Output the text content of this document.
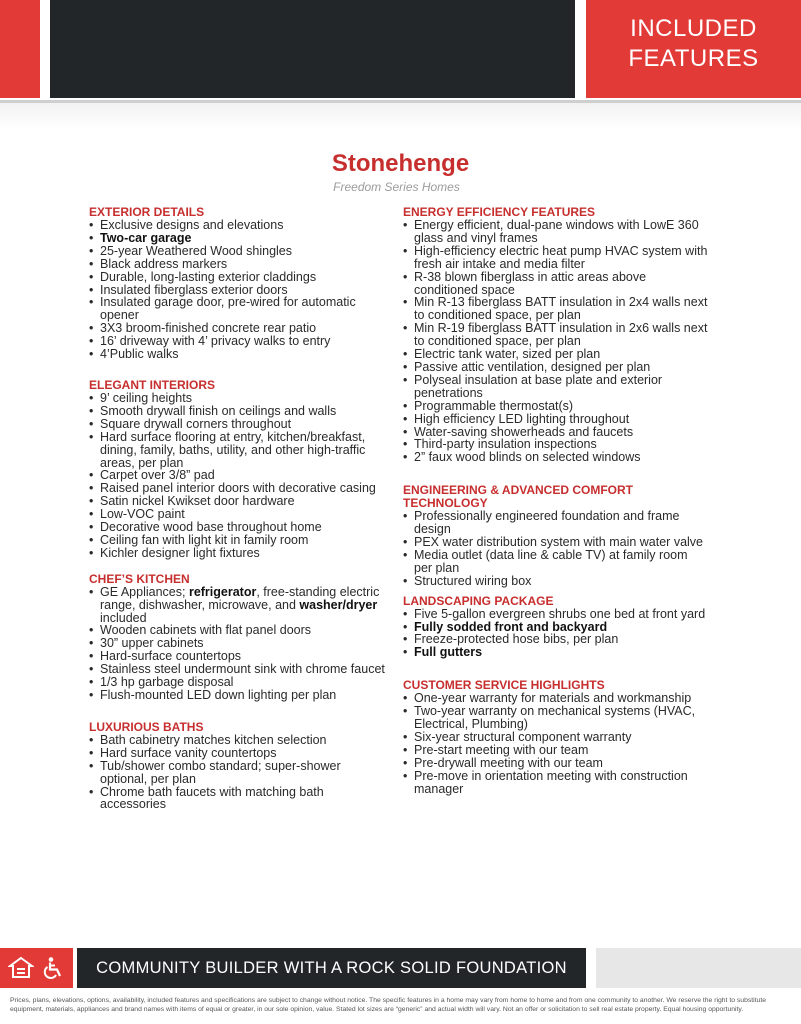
INCLUDED
FEATURES
Stonehenge
Freedom Series Homes
EXTERIOR DETAILS
• Exclusive designs and elevations
• Two-car garage
• 25-year Weathered Wood shingles
• Black address markers
• Durable, long-lasting exterior claddings
• Insulated fiberglass exterior doors
• Insulated garage door, pre-wired for automatic opener
• 3X3 broom-finished concrete rear patio
• 16’ driveway with 4’ privacy walks to entry
• 4’Public walks
ELEGANT INTERIORS
• 9’ ceiling heights
• Smooth drywall finish on ceilings and walls
• Square drywall corners throughout
• Hard surface flooring at entry, kitchen/breakfast, dining, family, baths, utility, and other high-traffic areas, per plan
• Carpet over 3/8” pad
• Raised panel interior doors with decorative casing
• Satin nickel Kwikset door hardware
• Low-VOC paint
• Decorative wood base throughout home
• Ceiling fan with light kit in family room
• Kichler designer light fixtures
CHEF’S KITCHEN
• GE Appliances; refrigerator, free-standing electric range, dishwasher, microwave, and washer/dryer included
• Wooden cabinets with flat panel doors
• 30” upper cabinets
• Hard-surface countertops
• Stainless steel undermount sink with chrome faucet
• 1/3 hp garbage disposal
• Flush-mounted LED down lighting per plan
LUXURIOUS BATHS
• Bath cabinetry matches kitchen selection
• Hard surface vanity countertops
• Tub/shower combo standard; super-shower optional, per plan
• Chrome bath faucets with matching bath accessories
ENERGY EFFICIENCY FEATURES
• Energy efficient, dual-pane windows with LowE 360 glass and vinyl frames
• High-efficiency electric heat pump HVAC system with fresh air intake and media filter
• R-38 blown fiberglass in attic areas above conditioned space
• Min R-13 fiberglass BATT insulation in 2x4 walls next to conditioned space, per plan
• Min R-19 fiberglass BATT insulation in 2x6 walls next to conditioned space, per plan
• Electric tank water, sized per plan
• Passive attic ventilation, designed per plan
• Polyseal insulation at base plate and exterior penetrations
• Programmable thermostat(s)
• High efficiency LED lighting throughout
• Water-saving showerheads and faucets
• Third-party insulation inspections
• 2” faux wood blinds on selected windows
ENGINEERING & ADVANCED COMFORT TECHNOLOGY
• Professionally engineered foundation and frame design
• PEX water distribution system with main water valve
• Media outlet (data line & cable TV) at family room per plan
• Structured wiring box
LANDSCAPING PACKAGE
• Five 5-gallon evergreen shrubs one bed at front yard
• Fully sodded front and backyard
• Freeze-protected hose bibs, per plan
• Full gutters
CUSTOMER SERVICE HIGHLIGHTS
• One-year warranty for materials and workmanship
• Two-year warranty on mechanical systems (HVAC, Electrical, Plumbing)
• Six-year structural component warranty
• Pre-start meeting with our team
• Pre-drywall meeting with our team
• Pre-move in orientation meeting with construction manager
COMMUNITY BUILDER WITH A ROCK SOLID FOUNDATION
Prices, plans, elevations, options, availability, included features and specifications are subject to change without notice. The specific features in a home may vary from home to home and from one community to another. We reserve the right to substitute equipment, materials, appliances and brand names with items of equal or greater, in our sole opinion, value. Stated lot sizes are “generic” and actual width will vary. Not an offer or solicitation to sell real estate property. Equal housing opportunity.
